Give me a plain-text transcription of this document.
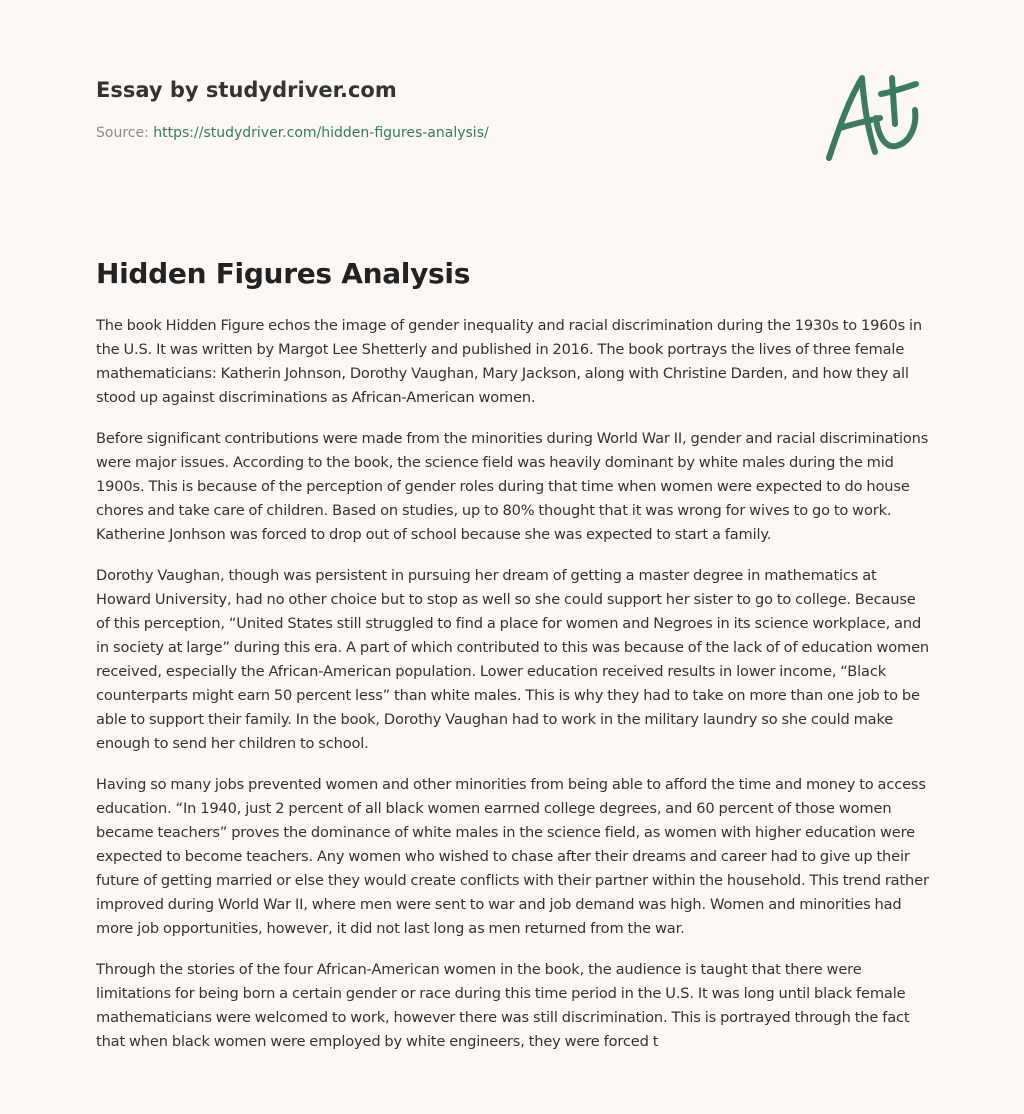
Essay by studydriver.com

Source: https://studydriver.com/hidden-figures-analysis/

Hidden Figures Analysis

The book Hidden Figure echos the image of gender inequality and racial discrimination during the 1930s to 1960s in the U.S. It was written by Margot Lee Shetterly and published in 2016. The book portrays the lives of three female mathematicians: Katherin Johnson, Dorothy Vaughan, Mary Jackson, along with Christine Darden, and how they all stood up against discriminations as African-American women.

Before significant contributions were made from the minorities during World War II, gender and racial discriminations were major issues. According to the book, the science field was heavily dominant by white males during the mid 1900s. This is because of the perception of gender roles during that time when women were expected to do house chores and take care of children. Based on studies, up to 80% thought that it was wrong for wives to go to work. Katherine Jonhson was forced to drop out of school because she was expected to start a family.

Dorothy Vaughan, though was persistent in pursuing her dream of getting a master degree in mathematics at Howard University, had no other choice but to stop as well so she could support her sister to go to college. Because of this perception, “United States still struggled to find a place for women and Negroes in its science workplace, and in society at large” during this era. A part of which contributed to this was because of the lack of of education women received, especially the African-American population. Lower education received results in lower income, “Black counterparts might earn 50 percent less” than white males. This is why they had to take on more than one job to be able to support their family. In the book, Dorothy Vaughan had to work in the military laundry so she could make enough to send her children to school.

Having so many jobs prevented women and other minorities from being able to afford the time and money to access education. “In 1940, just 2 percent of all black women earrned college degrees, and 60 percent of those women became teachers” proves the dominance of white males in the science field, as women with higher education were expected to become teachers. Any women who wished to chase after their dreams and career had to give up their future of getting married or else they would create conflicts with their partner within the household. This trend rather improved during World War II, where men were sent to war and job demand was high. Women and minorities had more job opportunities, however, it did not last long as men returned from the war.

Through the stories of the four African-American women in the book, the audience is taught that there were limitations for being born a certain gender or race during this time period in the U.S. It was long until black female mathematicians were welcomed to work, however there was still discrimination. This is portrayed through the fact that when black women were employed by white engineers, they were forced t
